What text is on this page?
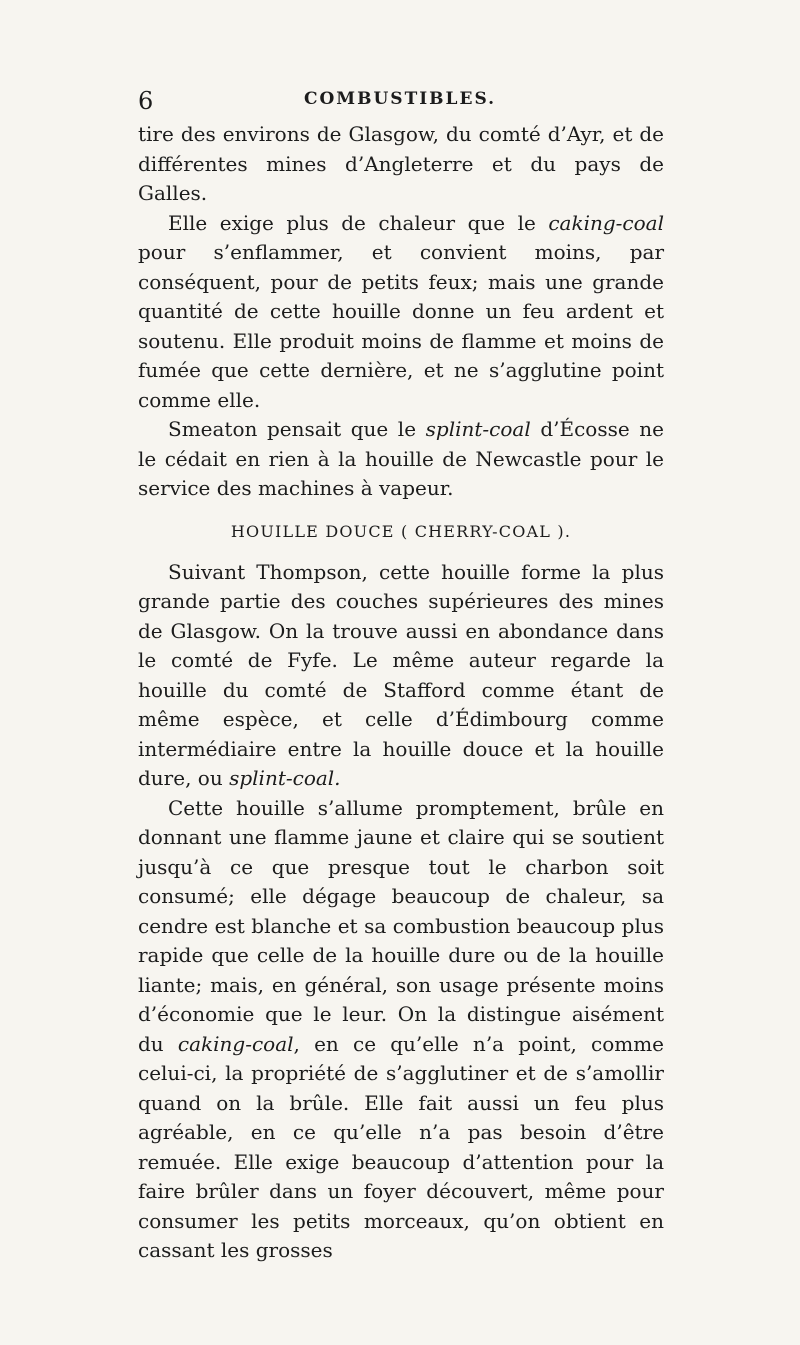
6	COMBUSTIBLES.

tire des environs de Glasgow, du comté d’Ayr, et de différentes mines d’Angleterre et du pays de Galles.

Elle exige plus de chaleur que le caking-coal pour s’enflammer, et convient moins, par conséquent, pour de petits feux; mais une grande quantité de cette houille donne un feu ardent et soutenu. Elle produit moins de flamme et moins de fumée que cette dernière, et ne s’agglutine point comme elle.

Smeaton pensait que le splint-coal d’Écosse ne le cédait en rien à la houille de Newcastle pour le service des machines à vapeur.

HOUILLE DOUCE ( CHERRY-COAL ).

Suivant Thompson, cette houille forme la plus grande partie des couches supérieures des mines de Glasgow. On la trouve aussi en abondance dans le comté de Fyfe. Le même auteur regarde la houille du comté de Stafford comme étant de même espèce, et celle d’Édimbourg comme intermédiaire entre la houille douce et la houille dure, ou splint-coal.

Cette houille s’allume promptement, brûle en donnant une flamme jaune et claire qui se soutient jusqu’à ce que presque tout le charbon soit consumé; elle dégage beaucoup de chaleur, sa cendre est blanche et sa combustion beaucoup plus rapide que celle de la houille dure ou de la houille liante; mais, en général, son usage présente moins d’économie que le leur. On la distingue aisément du caking-coal, en ce qu’elle n’a point, comme celui-ci, la propriété de s’agglutiner et de s’amollir quand on la brûle. Elle fait aussi un feu plus agréable, en ce qu’elle n’a pas besoin d’être remuée. Elle exige beaucoup d’attention pour la faire brûler dans un foyer découvert, même pour consumer les petits morceaux, qu’on obtient en cassant les grosses
